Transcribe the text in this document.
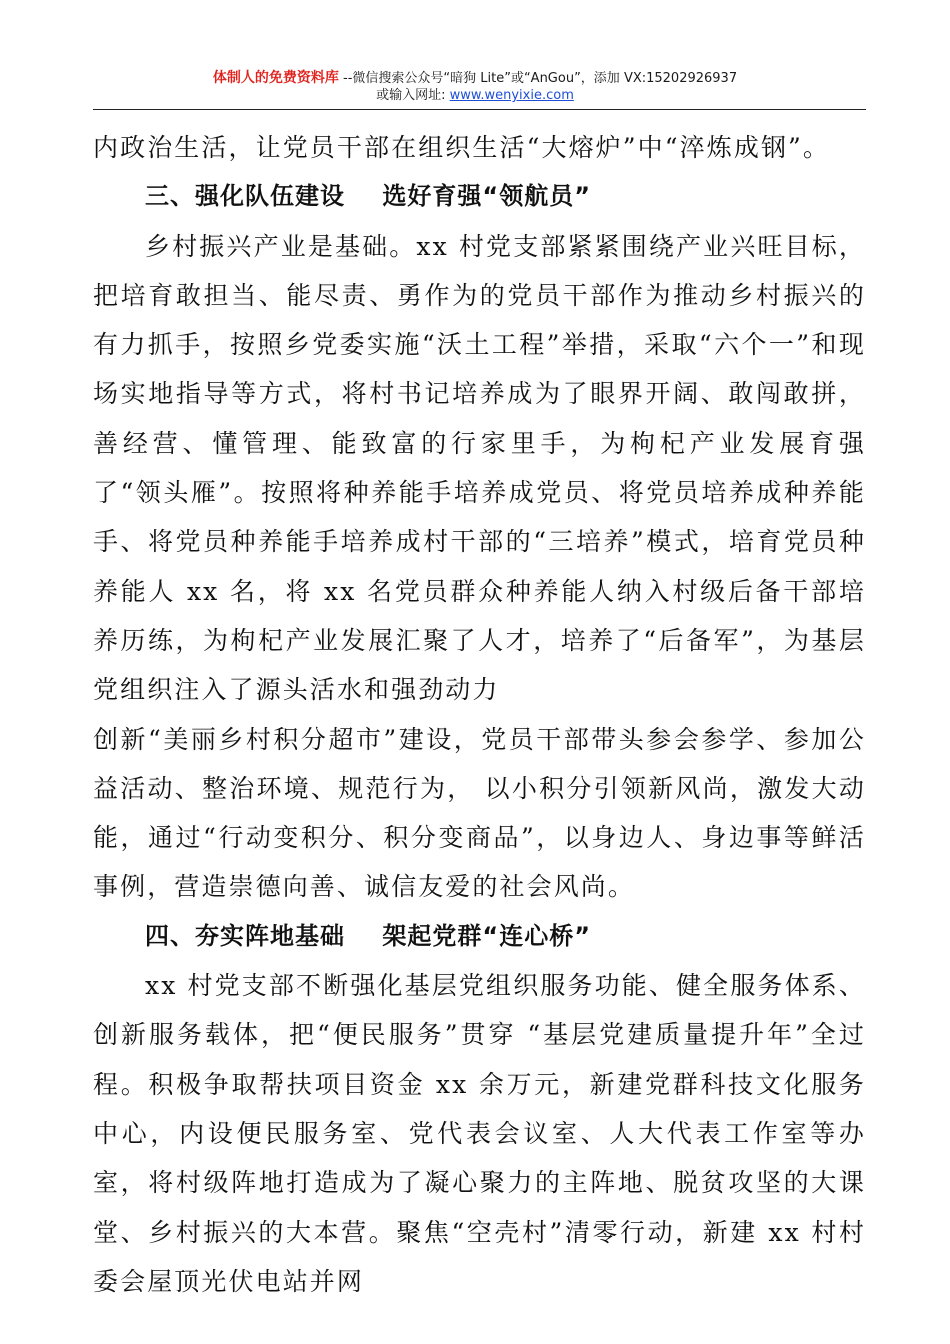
体制人的免费资料库 --微信搜索公众号“暗狗 Lite”或“AnGou”，添加 VX:15202926937
或输入网址: www.wenyixie.com

内政治生活，让党员干部在组织生活“大熔炉”中“淬炼成钢”。

三、强化队伍建设    选好育强“领航员”

乡村振兴产业是基础。xx 村党支部紧紧围绕产业兴旺目标，把培育敢担当、能尽责、勇作为的党员干部作为推动乡村振兴的有力抓手，按照乡党委实施“沃土工程”举措，采取“六个一”和现场实地指导等方式，将村书记培养成为了眼界开阔、敢闯敢拼，善经营、懂管理、能致富的行家里手，为枸杞产业发展育强了“领头雁”。按照将种养能手培养成党员、将党员培养成种养能手、将党员种养能手培养成村干部的“三培养”模式，培育党员种养能人 xx 名，将 xx 名党员群众种养能人纳入村级后备干部培养历练，为枸杞产业发展汇聚了人才，培养了“后备军”，为基层党组织注入了源头活水和强劲动力

创新“美丽乡村积分超市”建设，党员干部带头参会参学、参加公益活动、整治环境、规范行为， 以小积分引领新风尚，激发大动能，通过“行动变积分、积分变商品”，以身边人、身边事等鲜活事例，营造崇德向善、诚信友爱的社会风尚。

四、夯实阵地基础    架起党群“连心桥”

xx 村党支部不断强化基层党组织服务功能、健全服务体系、创新服务载体，把“便民服务”贯穿 “基层党建质量提升年”全过程。积极争取帮扶项目资金 xx 余万元，新建党群科技文化服务中心，内设便民服务室、党代表会议室、人大代表工作室等办室，将村级阵地打造成为了凝心聚力的主阵地、脱贫攻坚的大课堂、乡村振兴的大本营。聚焦“空壳村”清零行动，新建 xx 村村委会屋顶光伏电站并网
